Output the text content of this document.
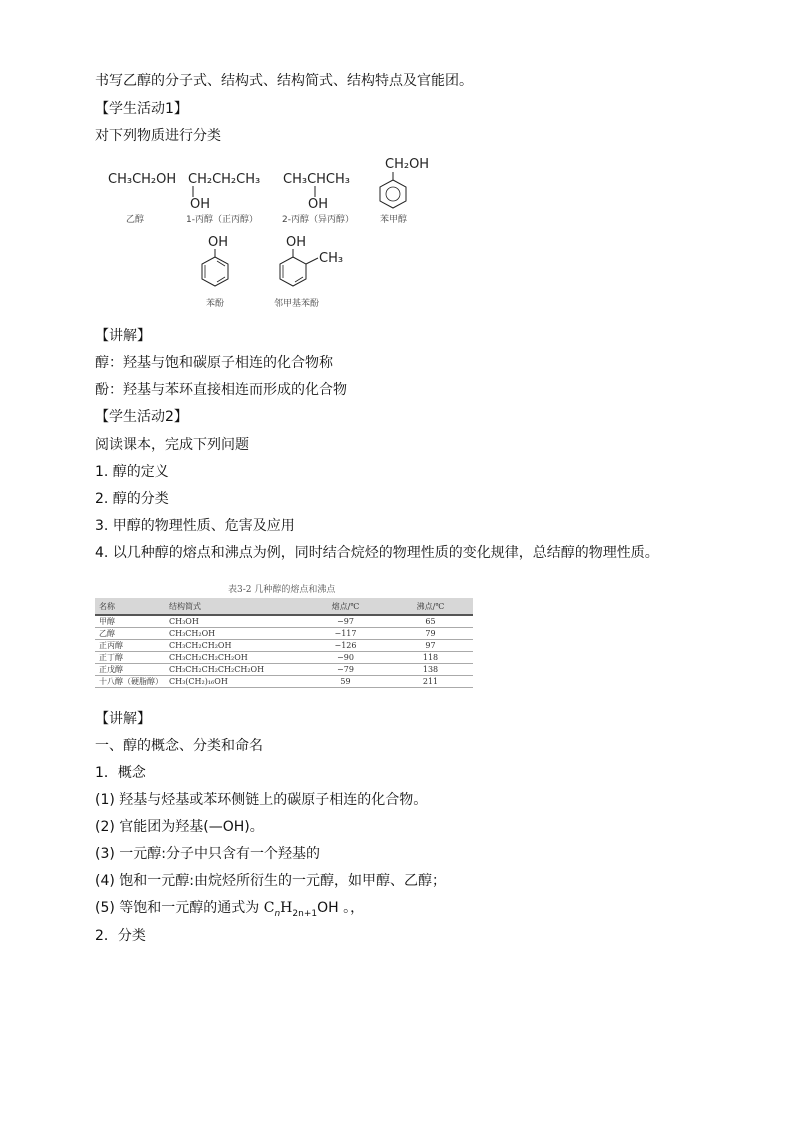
书写乙醇的分子式、结构式、结构简式、结构特点及官能团。
【学生活动1】
对下列物质进行分类
CH₃CH₂OH
乙醇
CH₂CH₂CH₃
OH
1-丙醇（正丙醇）
CH₃CHCH₃
OH
2-丙醇（异丙醇）
CH₂OH
苯甲醇
OH
苯酚
OH
CH₃
邻甲基苯酚
【讲解】
醇：羟基与饱和碳原子相连的化合物称
酚：羟基与苯环直接相连而形成的化合物
【学生活动2】
阅读课本，完成下列问题
1. 醇的定义
2. 醇的分类
3. 甲醇的物理性质、危害及应用
4. 以几种醇的熔点和沸点为例，同时结合烷烃的物理性质的变化规律，总结醇的物理性质。
表3-2 几种醇的熔点和沸点
名称	结构简式	熔点/℃	沸点/℃
甲醇	CH₃OH	−97	65
乙醇	CH₃CH₂OH	−117	79
正丙醇	CH₃CH₂CH₂OH	−126	97
正丁醇	CH₃CH₂CH₂CH₂OH	−90	118
正戊醇	CH₃CH₂CH₂CH₂CH₂OH	−79	138
十八醇（硬脂醇）	CH₃(CH₂)₁₆OH	59	211
【讲解】
一、醇的概念、分类和命名
1．概念
(1) 羟基与烃基或苯环侧链上的碳原子相连的化合物。
(2) 官能团为羟基(—OH)。
(3) 一元醇:分子中只含有一个羟基的
(4) 饱和一元醇:由烷烃所衍生的一元醇，如甲醇、乙醇；
(5) 等饱和一元醇的通式为 $C_nH_{2n+1}OH$ 。，
2．分类
